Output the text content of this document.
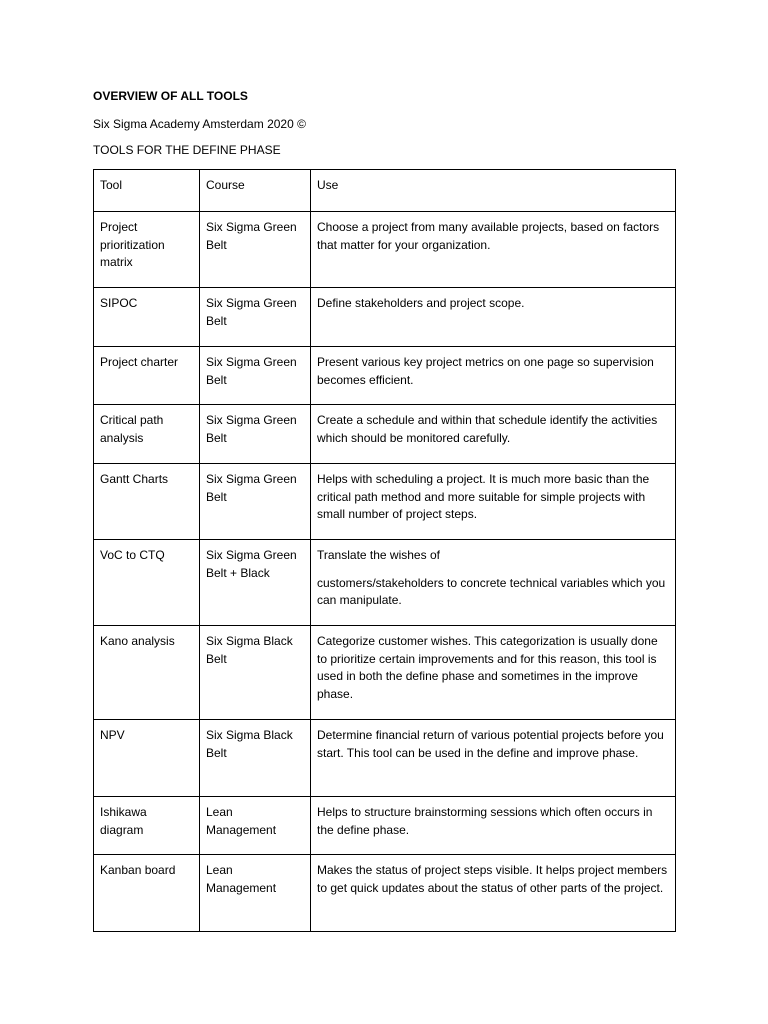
OVERVIEW OF ALL TOOLS

Six Sigma Academy Amsterdam 2020 ©

TOOLS FOR THE DEFINE PHASE

Tool	Course	Use
Project prioritization matrix	Six Sigma Green Belt	Choose a project from many available projects, based on factors that matter for your organization.
SIPOC	Six Sigma Green Belt	Define stakeholders and project scope.
Project charter	Six Sigma Green Belt	Present various key project metrics on one page so supervision becomes efficient.
Critical path analysis	Six Sigma Green Belt	Create a schedule and within that schedule identify the activities which should be monitored carefully.
Gantt Charts	Six Sigma Green Belt	Helps with scheduling a project. It is much more basic than the critical path method and more suitable for simple projects with small number of project steps.
VoC to CTQ	Six Sigma Green Belt + Black	Translate the wishes of
customers/stakeholders to concrete technical variables which you can manipulate.

Kano analysis	Six Sigma Black Belt	Categorize customer wishes. This categorization is usually done to prioritize certain improvements and for this reason, this tool is used in both the define phase and sometimes in the improve phase.
NPV	Six Sigma Black Belt	Determine financial return of various potential projects before you start. This tool can be used in the define and improve phase.
Ishikawa diagram	Lean Management	Helps to structure brainstorming sessions which often occurs in the define phase.
Kanban board	Lean Management	Makes the status of project steps visible. It helps project members to get quick updates about the status of other parts of the project.
